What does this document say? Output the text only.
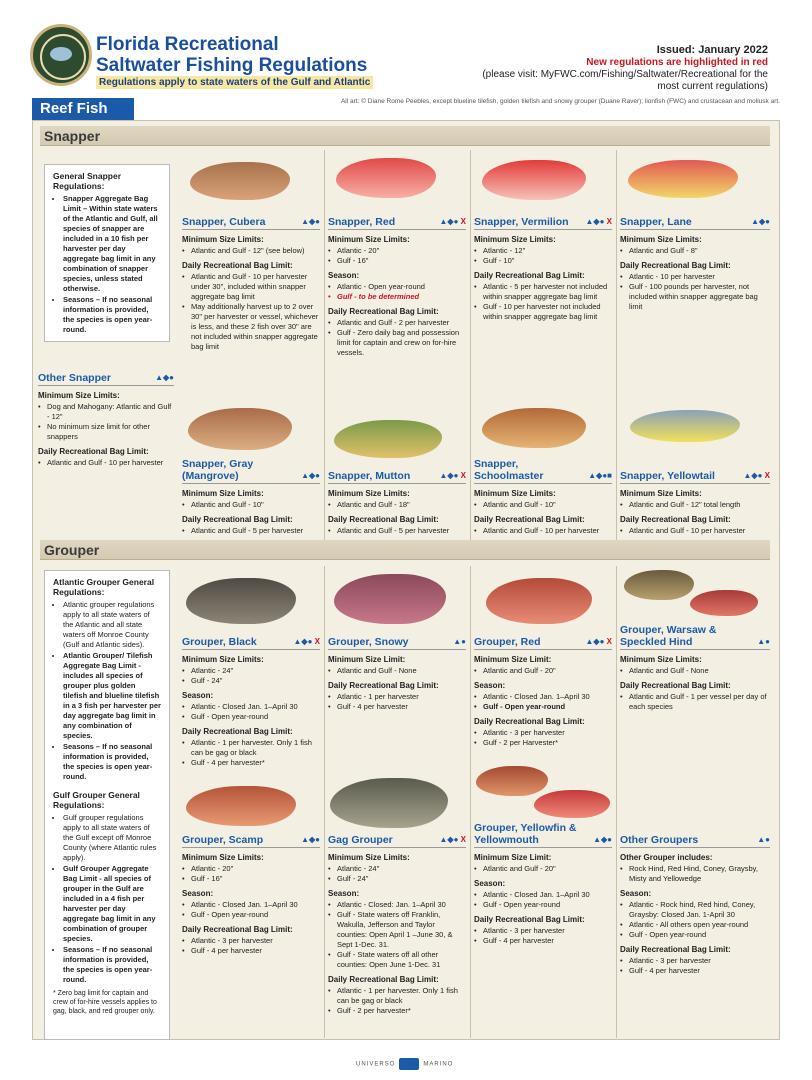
Florida Recreational
Saltwater Fishing Regulations
Regulations apply to state waters of the Gulf and Atlantic
Issued: January 2022
New regulations are highlighted in red
(please visit: MyFWC.com/Fishing/Saltwater/Recreational for the most current regulations)
Reef Fish	All art: © Diane Rome Peebles, except blueline tilefish, golden tilefish and snowy grouper (Duane Raver); lionfish (FWC) and crustacean and mollusk art.
Snapper
General Snapper Regulations:
• Snapper Aggregate Bag Limit – Within state waters of the Atlantic and Gulf, all species of snapper are included in a 10 fish per harvester per day aggregate bag limit in any combination of snapper species, unless stated otherwise.
• Seasons – If no seasonal information is provided, the species is open year-round.
Other Snapper	▲◆●
Minimum Size Limits:
• Dog and Mahogany: Atlantic and Gulf - 12"
• No minimum size limit for other snappers
Daily Recreational Bag Limit:
• Atlantic and Gulf - 10 per harvester
Snapper, Cubera	▲◆●
Minimum Size Limits:
• Atlantic and Gulf - 12" (see below)
Daily Recreational Bag Limit:
• Atlantic and Gulf - 10 per harvester under 30", included within snapper aggregate bag limit
• May additionally harvest up to 2 over 30" per harvester or vessel, whichever is less, and these 2 fish over 30" are not included within snapper aggregate bag limit
Snapper, Red	▲◆● X
Minimum Size Limits:
• Atlantic - 20"
• Gulf - 16"
Season:
• Atlantic - Open year-round
• Gulf - to be determined
Daily Recreational Bag Limit:
• Atlantic and Gulf - 2 per harvester
• Gulf - Zero daily bag and possession limit for captain and crew on for-hire vessels.
Snapper, Vermilion ▲◆● X
Minimum Size Limits:
• Atlantic - 12"
• Gulf - 10"
Daily Recreational Bag Limit:
• Atlantic - 5 per harvester not included within snapper aggregate bag limit
• Gulf - 10 per harvester not included within snapper aggregate bag limit
Snapper, Lane	▲◆●
Minimum Size Limits:
• Atlantic and Gulf - 8"
Daily Recreational Bag Limit:
• Atlantic - 10 per harvester
• Gulf - 100 pounds per harvester, not included within snapper aggregate bag limit
Snapper, Gray (Mangrove)	▲◆●
Minimum Size Limits:
• Atlantic and Gulf - 10"
Daily Recreational Bag Limit:
• Atlantic and Gulf - 5 per harvester
Snapper, Mutton	▲◆● X
Minimum Size Limits:
• Atlantic and Gulf - 18"
Daily Recreational Bag Limit:
• Atlantic and Gulf - 5 per harvester
Snapper, Schoolmaster	▲◆●■
Minimum Size Limits:
• Atlantic and Gulf - 10"
Daily Recreational Bag Limit:
• Atlantic and Gulf - 10 per harvester
Snapper, Yellowtail	▲◆● X
Minimum Size Limits:
• Atlantic and Gulf - 12" total length
Daily Recreational Bag Limit:
• Atlantic and Gulf - 10 per harvester
Grouper
Atlantic Grouper General Regulations:
• Atlantic grouper regulations apply to all state waters of the Atlantic and all state waters off Monroe County (Gulf and Atlantic sides).
• Atlantic Grouper/ Tilefish Aggregate Bag Limit - includes all species of grouper plus golden tilefish and blueline tilefish in a 3 fish per harvester per day aggregate bag limit in any combination of species.
• Seasons – If no seasonal information is provided, the species is open year-round.
Gulf Grouper General Regulations:
• Gulf grouper regulations apply to all state waters of the Gulf except off Monroe County (where Atlantic rules apply).
• Gulf Grouper Aggregate Bag Limit - all species of grouper in the Gulf are included in a 4 fish per harvester per day aggregate bag limit in any combination of grouper species.
• Seasons – If no seasonal information is provided, the species is open year-round.
* Zero bag limit for captain and crew of for-hire vessels applies to gag, black, and red grouper only.
Grouper, Black	▲◆● X
Minimum Size Limits:
• Atlantic - 24"
• Gulf - 24"
Season:
• Atlantic - Closed Jan. 1–April 30
• Gulf - Open year-round
Daily Recreational Bag Limit:
• Atlantic - 1 per harvester. Only 1 fish can be gag or black
• Gulf - 4 per harvester*
Grouper, Snowy	▲●
Minimum Size Limit:
• Atlantic and Gulf - None
Daily Recreational Bag Limit:
• Atlantic - 1 per harvester
• Gulf - 4 per harvester
Grouper, Red	▲◆● X
Minimum Size Limit:
• Atlantic and Gulf - 20"
Season:
• Atlantic - Closed Jan. 1–April 30
• Gulf - Open year-round
Daily Recreational Bag Limit:
• Atlantic - 3 per harvester
• Gulf - 2 per Harvester*
Grouper, Warsaw & Speckled Hind	▲●
Minimum Size Limits:
• Atlantic and Gulf - None
Daily Recreational Bag Limit:
• Atlantic and Gulf - 1 per vessel per day of each species
Grouper, Scamp	▲◆●
Minimum Size Limits:
• Atlantic - 20"
• Gulf - 16"
Season:
• Atlantic - Closed Jan. 1–April 30
• Gulf - Open year-round
Daily Recreational Bag Limit:
• Atlantic - 3 per harvester
• Gulf - 4 per harvester
Gag Grouper	▲◆● X
Minimum Size Limits:
• Atlantic - 24"
• Gulf - 24"
Season:
• Atlantic - Closed: Jan. 1–April 30
• Gulf - State waters off Franklin, Wakulla, Jefferson and Taylor counties: Open April 1 –June 30, & Sept 1-Dec. 31.
• Gulf - State waters off all other counties: Open June 1-Dec. 31
Daily Recreational Bag Limit:
• Atlantic - 1 per harvester. Only 1 fish can be gag or black
• Gulf - 2 per harvester*
Grouper, Yellowfin & Yellowmouth	▲◆●
Minimum Size Limit:
• Atlantic and Gulf - 20"
Season:
• Atlantic - Closed Jan. 1–April 30
• Gulf - Open year-round
Daily Recreational Bag Limit:
• Atlantic - 3 per harvester
• Gulf - 4 per harvester
Other Groupers	▲●
Other Grouper includes:
• Rock Hind, Red Hind, Coney, Graysby, Misty and Yellowedge
Season:
• Atlantic - Rock hind, Red hind, Coney, Graysby: Closed Jan. 1-April 30
• Atlantic - All others open year-round
• Gulf - Open year-round
Daily Recreational Bag Limit:
• Atlantic - 3 per harvester
• Gulf - 4 per harvester
UNIVERSO	MARINO
